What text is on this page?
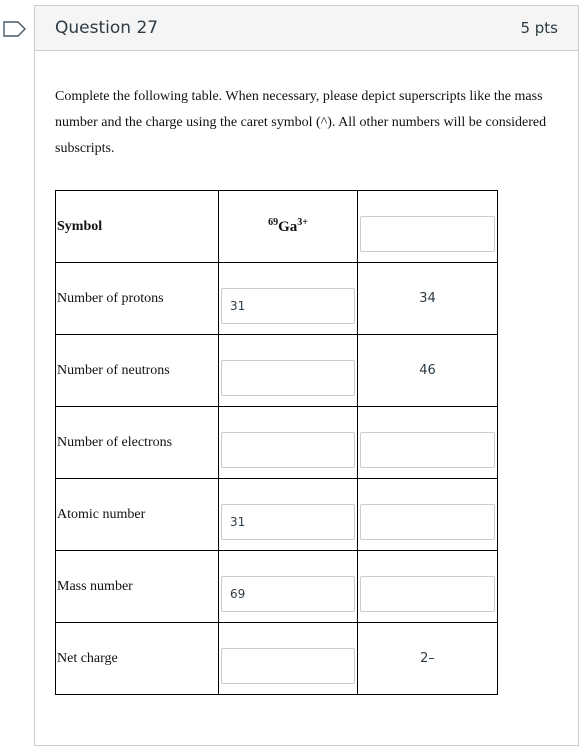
Question 27	5 pts
Complete the following table. When necessary, please depict superscripts like the mass number and the charge using the caret symbol (^). All other numbers will be considered subscripts.
Symbol	$^{69}Ga^{3+}$

Number of protons	31	34

Number of neutrons		46

Number of electrons		

Atomic number	31	

Mass number	69	

Net charge		2–
